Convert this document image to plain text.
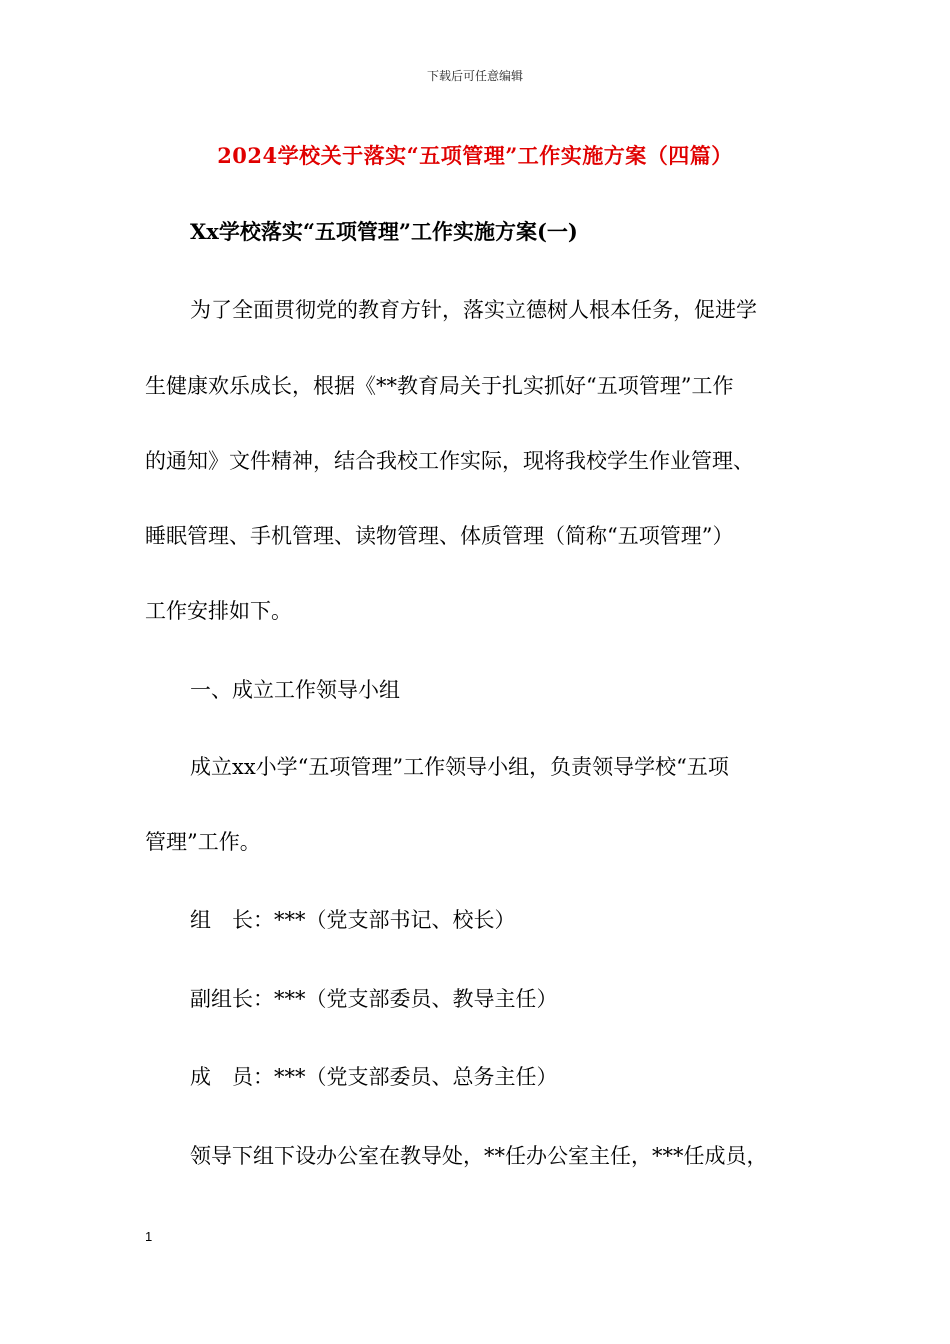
下载后可任意编辑
2024学校关于落实“五项管理”工作实施方案（四篇）
Xx学校落实“五项管理”工作实施方案(一)
为了全面贯彻党的教育方针，落实立德树人根本任务，促进学
生健康欢乐成长，根据《**教育局关于扎实抓好“五项管理”工作
的通知》文件精神，结合我校工作实际，现将我校学生作业管理、
睡眠管理、手机管理、读物管理、体质管理（简称“五项管理”）
工作安排如下。
一、成立工作领导小组
成立xx小学“五项管理”工作领导小组，负责领导学校“五项
管理”工作。
组　长：***（党支部书记、校长）
副组长：***（党支部委员、教导主任）
成　员：***（党支部委员、总务主任）
领导下组下设办公室在教导处，**任办公室主任，***任成员，
1
